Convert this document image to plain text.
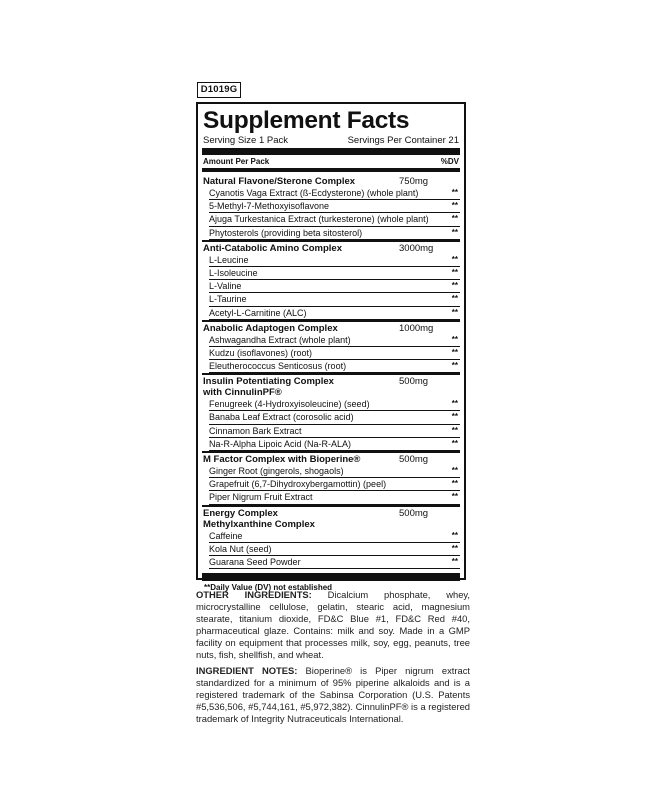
D1019G
Supplement Facts
Serving Size 1 Pack	Servings Per Container 21
Amount Per Pack	%DV
Natural Flavone/Sterone Complex	750mg
Cyanotis Vaga Extract (ß-Ecdysterone) (whole plant)	**
5-Methyl-7-Methoxyisoflavone	**
Ajuga Turkestanica Extract (turkesterone) (whole plant)	**
Phytosterols (providing beta sitosterol)	**
Anti-Catabolic Amino Complex	3000mg
L-Leucine	**
L-Isoleucine	**
L-Valine	**
L-Taurine	**
Acetyl-L-Carnitine (ALC)	**
Anabolic Adaptogen Complex	1000mg
Ashwagandha Extract (whole plant)	**
Kudzu (isoflavones) (root)	**
Eleutherococcus Senticosus (root)	**
Insulin Potentiating Complex	500mg
with CinnulinPF®
Fenugreek (4-Hydroxyisoleucine) (seed)	**
Banaba Leaf Extract (corosolic acid)	**
Cinnamon Bark Extract	**
Na-R-Alpha Lipoic Acid (Na-R-ALA)	**
M Factor Complex with Bioperine®	500mg
Ginger Root (gingerols, shogaols)	**
Grapefruit (6,7-Dihydroxybergamottin) (peel)	**
Piper Nigrum Fruit Extract	**
Energy Complex	500mg
Methylxanthine Complex
Caffeine	**
Kola Nut (seed)	**
Guarana Seed Powder	**
**Daily Value (DV) not established
OTHER INGREDIENTS: Dicalcium phosphate, whey, microcrystalline cellulose, gelatin, stearic acid, magnesium stearate, titanium dioxide, FD&C Blue #1, FD&C Red #40, pharmaceutical glaze. Contains: milk and soy. Made in a GMP facility on equipment that processes milk, soy, egg, peanuts, tree nuts, fish, shellfish, and wheat.
INGREDIENT NOTES: Bioperine® is Piper nigrum extract standardized for a minimum of 95% piperine alkaloids and is a registered trademark of the Sabinsa Corporation (U.S. Patents #5,536,506, #5,744,161, #5,972,382). CinnulinPF® is a registered trademark of Integrity Nutraceuticals International.
